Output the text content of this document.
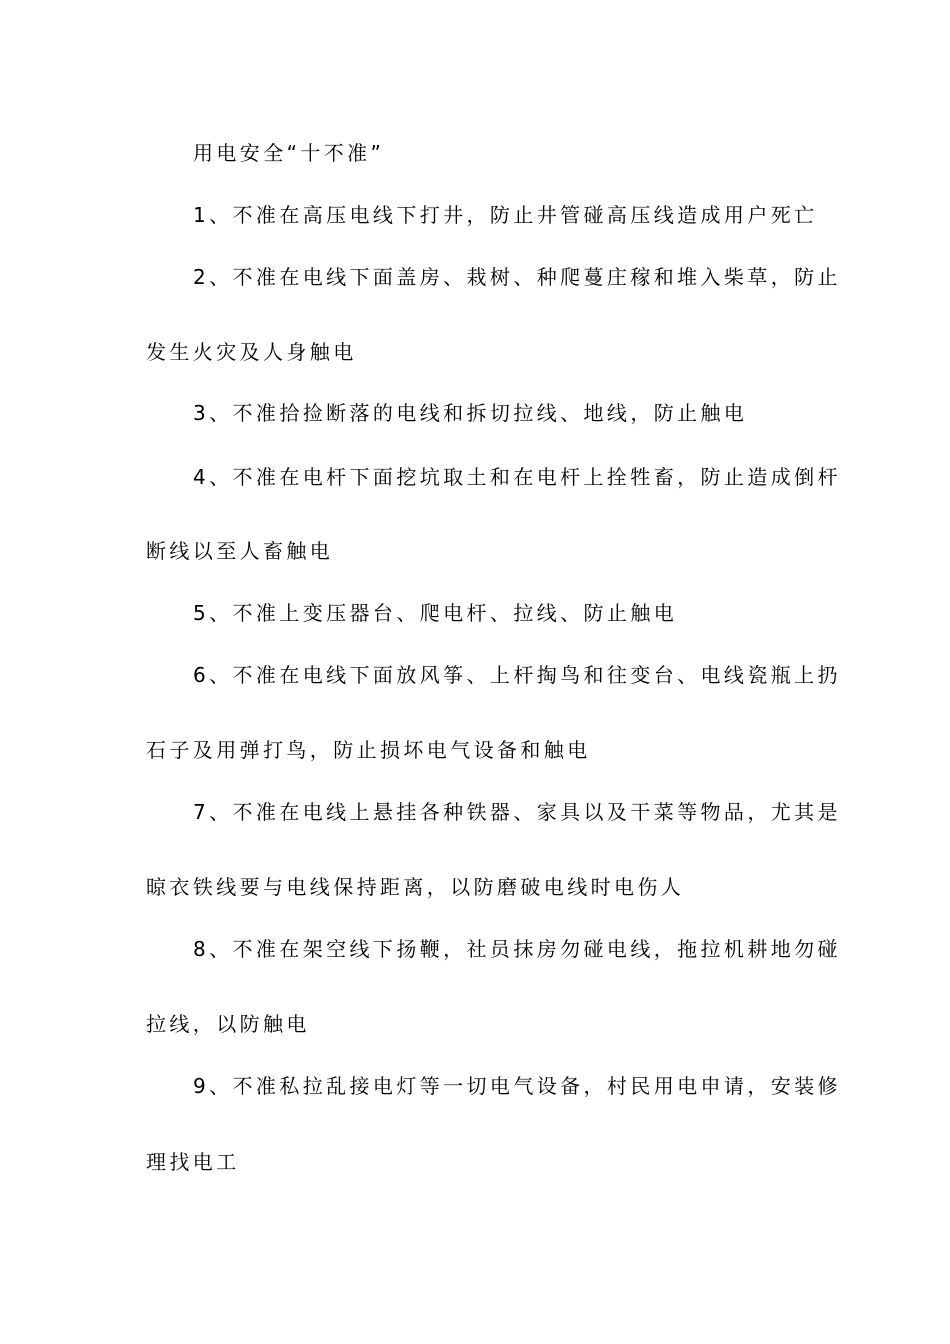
用电安全“十不准”
1、不准在高压电线下打井，防止井管碰高压线造成用户死亡
2、不准在电线下面盖房、栽树、种爬蔓庄稼和堆入柴草，防止
发生火灾及人身触电
3、不准拾捡断落的电线和拆切拉线、地线，防止触电
4、不准在电杆下面挖坑取土和在电杆上拴牲畜，防止造成倒杆
断线以至人畜触电
5、不准上变压器台、爬电杆、拉线、防止触电
6、不准在电线下面放风筝、上杆掏鸟和往变台、电线瓷瓶上扔
石子及用弹打鸟，防止损坏电气设备和触电
7、不准在电线上悬挂各种铁器、家具以及干菜等物品，尤其是
晾衣铁线要与电线保持距离，以防磨破电线时电伤人
8、不准在架空线下扬鞭，社员抹房勿碰电线，拖拉机耕地勿碰
拉线，以防触电
9、不准私拉乱接电灯等一切电气设备，村民用电申请，安装修
理找电工
